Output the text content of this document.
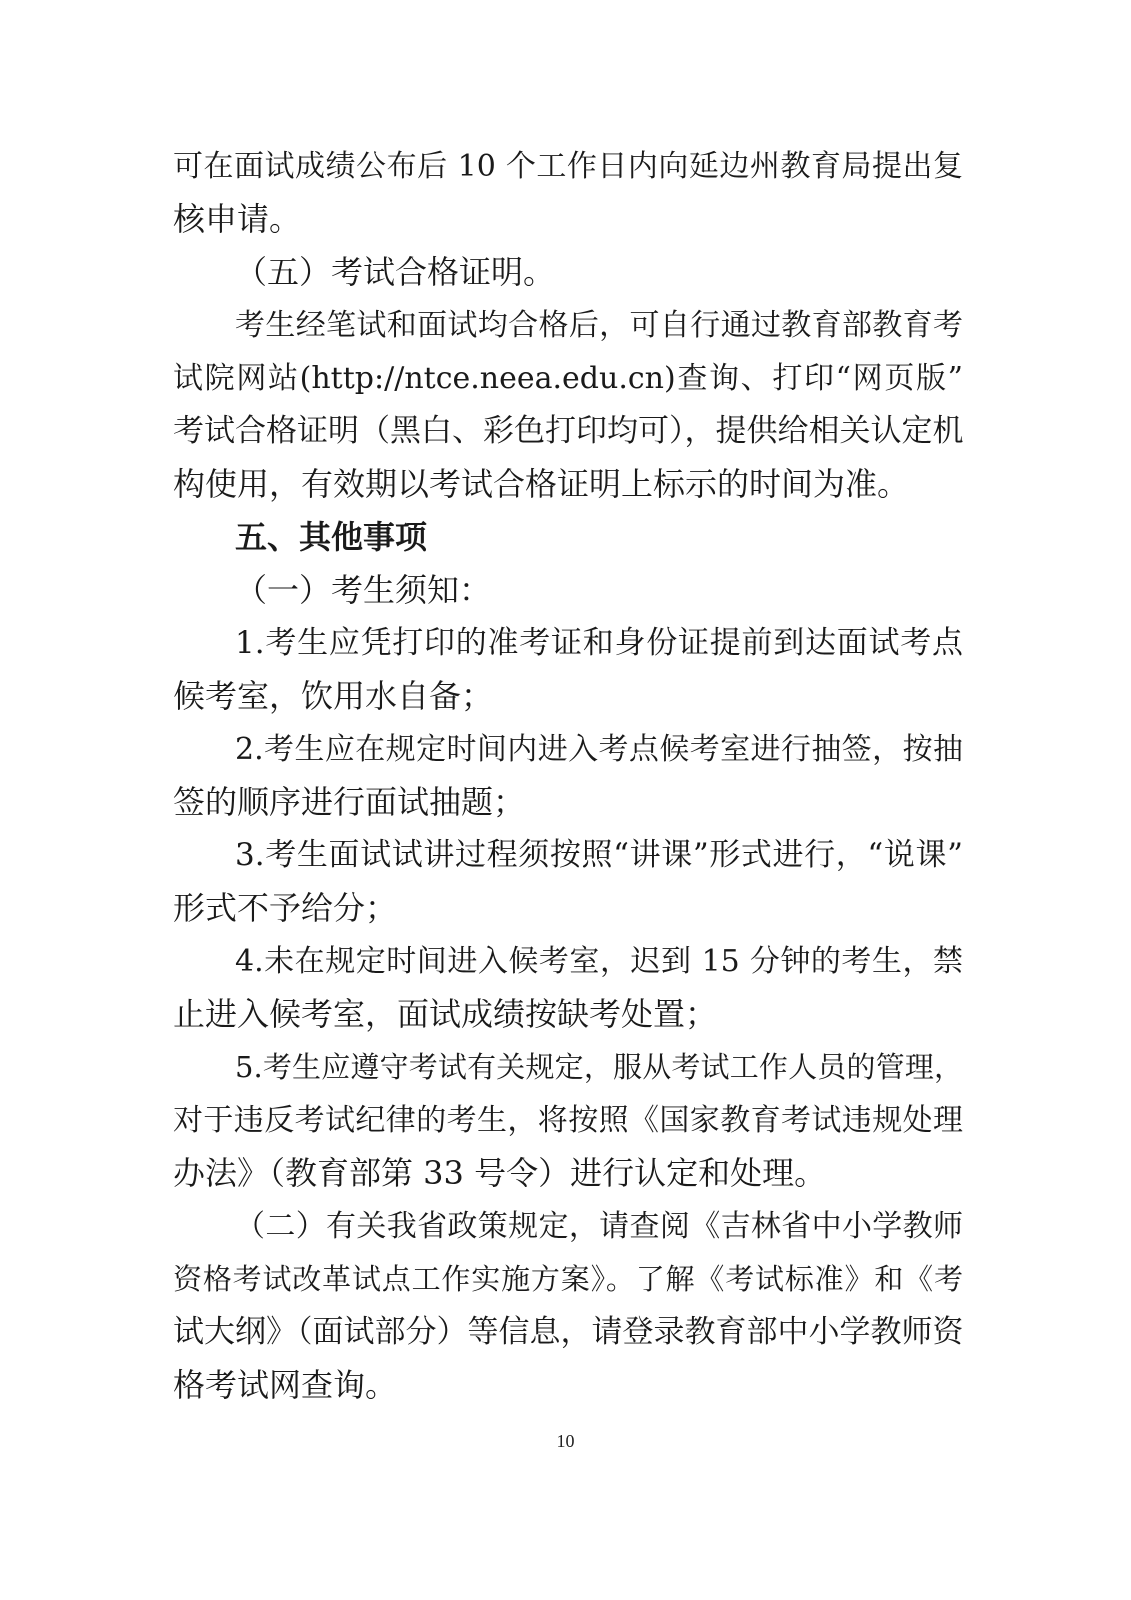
可在面试成绩公布后 10 个工作日内向延边州教育局提出复
核申请。
（五）考试合格证明。
考生经笔试和面试均合格后，可自行通过教育部教育考
试院网站(http://ntce.neea.edu.cn)查询、打印“网页版”
考试合格证明（黑白、彩色打印均可），提供给相关认定机
构使用，有效期以考试合格证明上标示的时间为准。
五、其他事项
（一）考生须知：
1.考生应凭打印的准考证和身份证提前到达面试考点
候考室，饮用水自备；
2.考生应在规定时间内进入考点候考室进行抽签，按抽
签的顺序进行面试抽题；
3.考生面试试讲过程须按照“讲课”形式进行，“说课”
形式不予给分；
4.未在规定时间进入候考室，迟到 15 分钟的考生，禁
止进入候考室，面试成绩按缺考处置；
5.考生应遵守考试有关规定，服从考试工作人员的管理，
对于违反考试纪律的考生，将按照《国家教育考试违规处理
办法》（教育部第 33 号令）进行认定和处理。
（二）有关我省政策规定，请查阅《吉林省中小学教师
资格考试改革试点工作实施方案》。了解《考试标准》和《考
试大纲》（面试部分）等信息，请登录教育部中小学教师资
格考试网查询。
10
